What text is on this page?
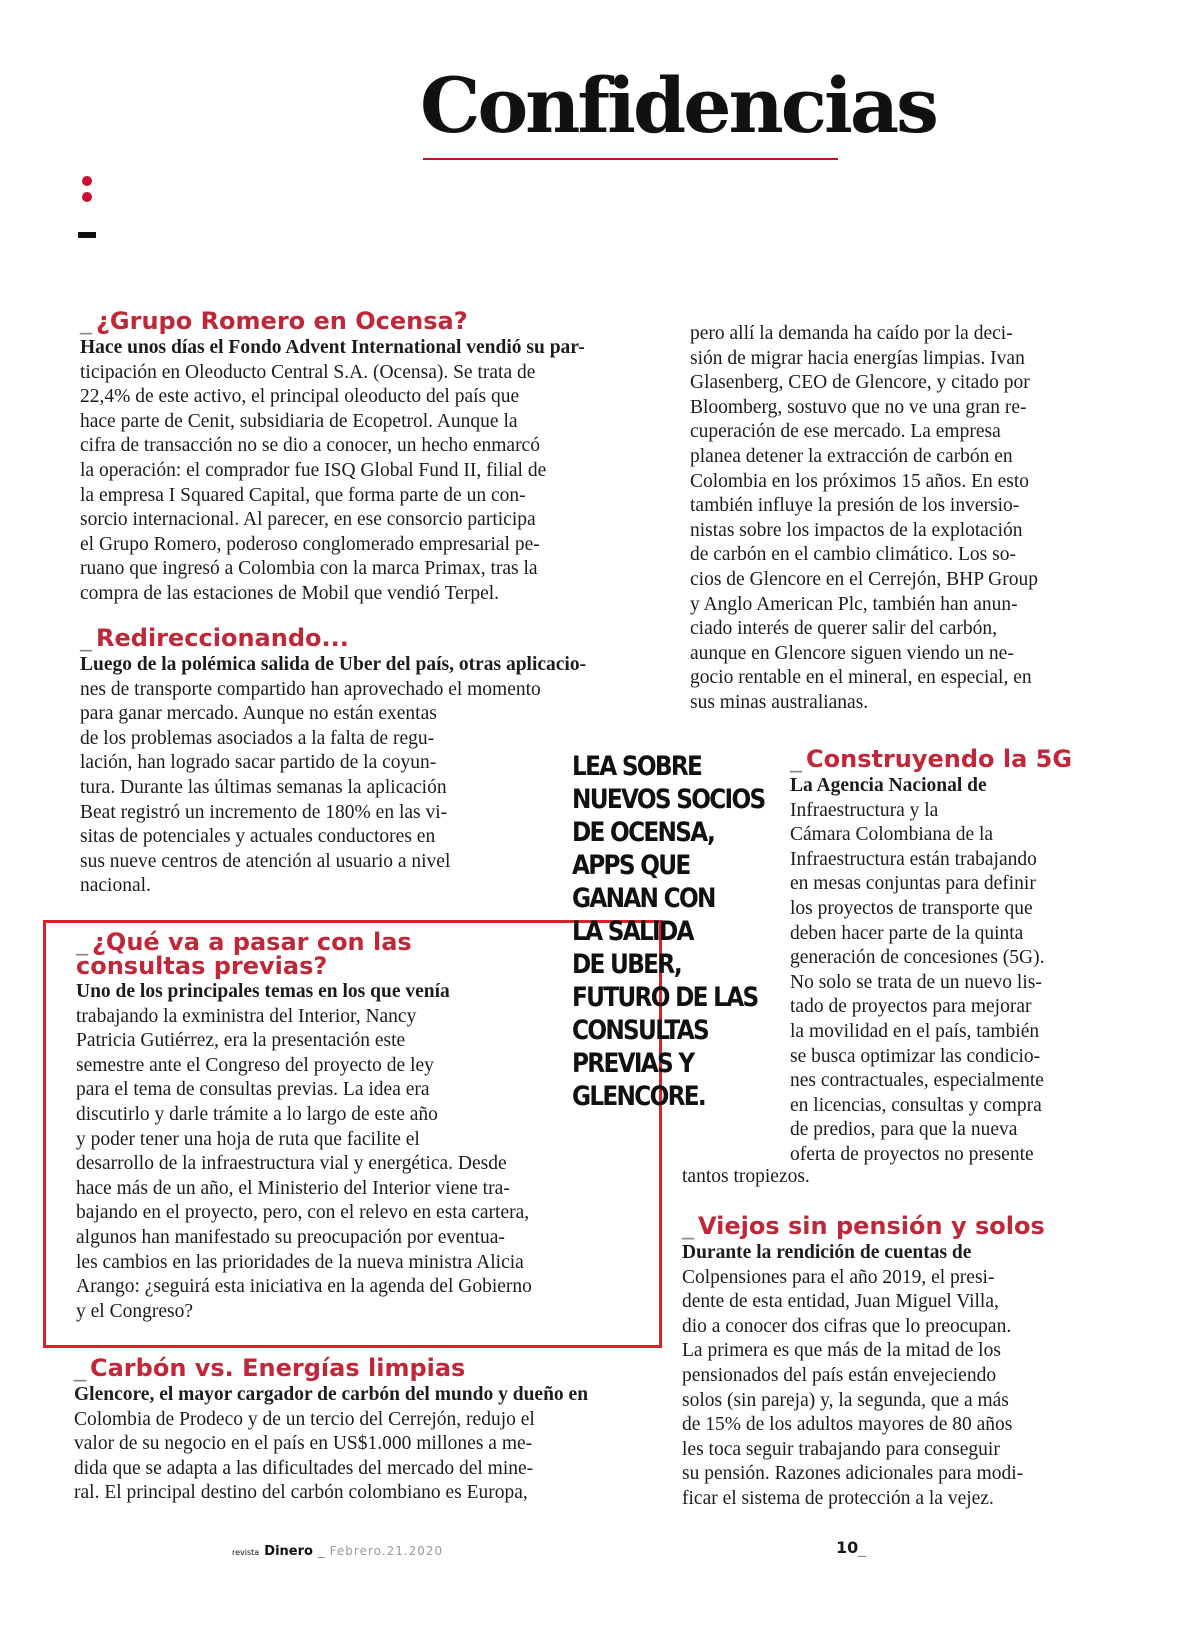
Confidencias
_ ¿Grupo Romero en Ocensa?

Hace unos días el Fondo Advent International vendió su par-
ticipación en Oleoducto Central S.A. (Ocensa). Se trata de
22,4% de este activo, el principal oleoducto del país que
hace parte de Cenit, subsidiaria de Ecopetrol. Aunque la
cifra de transacción no se dio a conocer, un hecho enmarcó
la operación: el comprador fue ISQ Global Fund II, filial de
la empresa I Squared Capital, que forma parte de un con-
sorcio internacional. Al parecer, en ese consorcio participa
el Grupo Romero, poderoso conglomerado empresarial pe-
ruano que ingresó a Colombia con la marca Primax, tras la
compra de las estaciones de Mobil que vendió Terpel.

_ Redireccionando...

Luego de la polémica salida de Uber del país, otras aplicacio-
nes de transporte compartido han aprovechado el momento
para ganar mercado. Aunque no están exentas
de los problemas asociados a la falta de regu-
lación, han logrado sacar partido de la coyun-
tura. Durante las últimas semanas la aplicación
Beat registró un incremento de 180% en las vi-
sitas de potenciales y actuales conductores en
sus nueve centros de atención al usuario a nivel
nacional.

_ ¿Qué va a pasar con las
consultas previas?

Uno de los principales temas en los que venía
trabajando la exministra del Interior, Nancy
Patricia Gutiérrez, era la presentación este
semestre ante el Congreso del proyecto de ley
para el tema de consultas previas. La idea era
discutirlo y darle trámite a lo largo de este año
y poder tener una hoja de ruta que facilite el
desarrollo de la infraestructura vial y energética. Desde
hace más de un año, el Ministerio del Interior viene tra-
bajando en el proyecto, pero, con el relevo en esta cartera,
algunos han manifestado su preocupación por eventua-
les cambios en las prioridades de la nueva ministra Alicia
Arango: ¿seguirá esta iniciativa en la agenda del Gobierno
y el Congreso?

_ Carbón vs. Energías limpias

Glencore, el mayor cargador de carbón del mundo y dueño en
Colombia de Prodeco y de un tercio del Cerrejón, redujo el
valor de su negocio en el país en US$1.000 millones a me-
dida que se adapta a las dificultades del mercado del mine-
ral. El principal destino del carbón colombiano es Europa,

pero allí la demanda ha caído por la deci-
sión de migrar hacia energías limpias. Ivan
Glasenberg, CEO de Glencore, y citado por
Bloomberg, sostuvo que no ve una gran re-
cuperación de ese mercado. La empresa
planea detener la extracción de carbón en
Colombia en los próximos 15 años. En esto
también influye la presión de los inversio-
nistas sobre los impactos de la explotación
de carbón en el cambio climático. Los so-
cios de Glencore en el Cerrejón, BHP Group
y Anglo American Plc, también han anun-
ciado interés de querer salir del carbón,
aunque en Glencore siguen viendo un ne-
gocio rentable en el mineral, en especial, en
sus minas australianas.

LEA SOBRE
NUEVOS SOCIOS
DE OCENSA,
APPS QUE
GANAN CON
LA SALIDA
DE UBER,
FUTURO DE LAS
CONSULTAS
PREVIAS Y
GLENCORE.
_ Construyendo la 5G

La Agencia Nacional de
Infraestructura y la
Cámara Colombiana de la
Infraestructura están trabajando
en mesas conjuntas para definir
los proyectos de transporte que
deben hacer parte de la quinta
generación de concesiones (5G).
No solo se trata de un nuevo lis-
tado de proyectos para mejorar
la movilidad en el país, también
se busca optimizar las condicio-
nes contractuales, especialmente
en licencias, consultas y compra
de predios, para que la nueva
oferta de proyectos no presente

tantos tropiezos.

_ Viejos sin pensión y solos

Durante la rendición de cuentas de
Colpensiones para el año 2019, el presi-
dente de esta entidad, Juan Miguel Villa,
dio a conocer dos cifras que lo preocupan.
La primera es que más de la mitad de los
pensionados del país están envejeciendo
solos (sin pareja) y, la segunda, que a más
de 15% de los adultos mayores de 80 años
les toca seguir trabajando para conseguir
su pensión. Razones adicionales para modi-
ficar el sistema de protección a la vejez.

revista Dinero _ Febrero.21.2020	10_
